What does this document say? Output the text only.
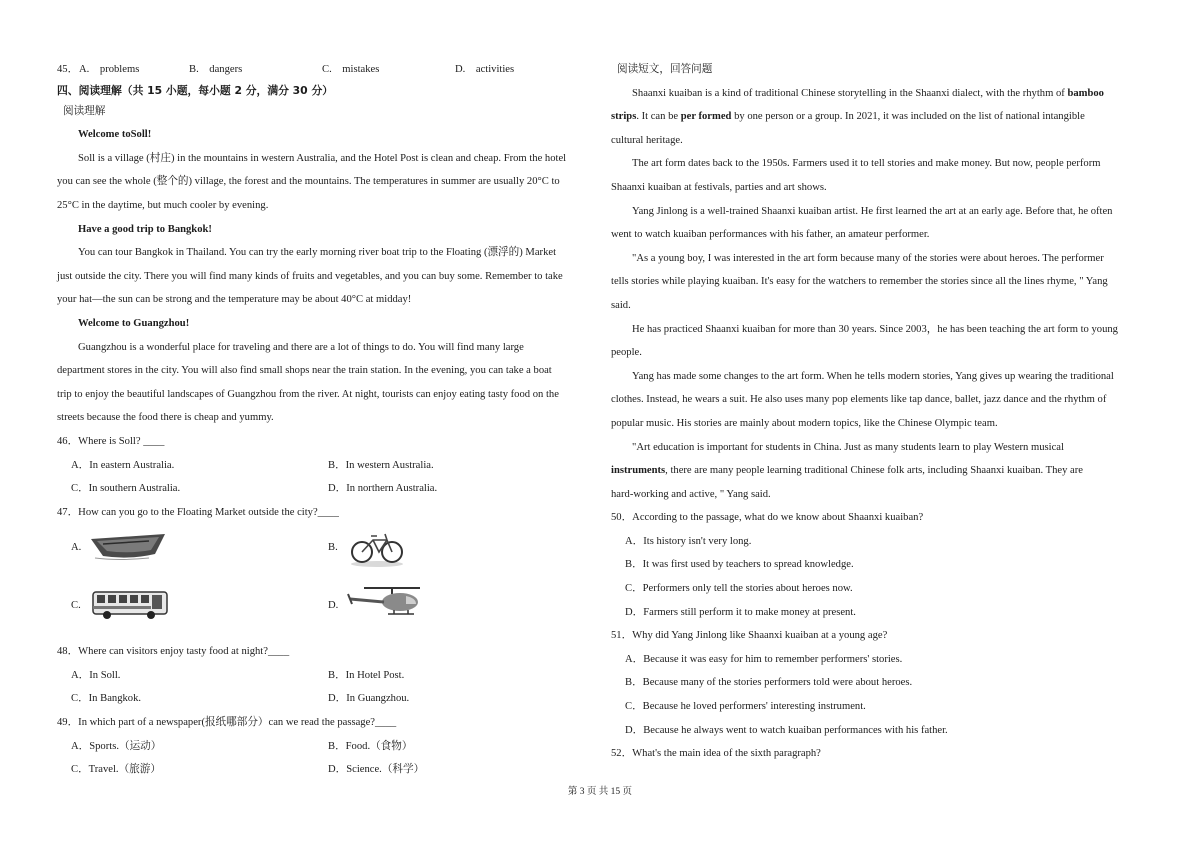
45． A.　problems	B.　dangers	C.　mistakes	D.　activities
四、阅读理解（共 15 小题，每小题 2 分，满分 30 分）
阅读理解
Welcome toSoll!
Soll is a village (村庄) in the mountains in western Australia, and the Hotel Post is clean and cheap. From the hotel
you can see the whole (整个的) village, the forest and the mountains. The temperatures in summer are usually 20°C to
25°C in the daytime, but much cooler by evening.
Have a good trip to Bangkok!
You can tour Bangkok in Thailand. You can try the early morning river boat trip to the Floating (漂浮的) Market
just outside the city. There you will find many kinds of fruits and vegetables, and you can buy some. Remember to take
your hat—the sun can be strong and the temperature may be about 40°C at midday!
Welcome to Guangzhou!
Guangzhou is a wonderful place for traveling and there are a lot of things to do. You will find many large
department stores in the city. You will also find small shops near the train station. In the evening, you can take a boat
trip to enjoy the beautiful landscapes of Guangzhou from the river. At night, tourists can enjoy eating tasty food on the
streets because the food there is cheap and yummy.
46．Where is Soll? ____
A．In eastern Australia.	B．In western Australia.
C．In southern Australia.	D．In northern Australia.
47．How can you go to the Floating Market outside the city?____
A.	B.
C.	D.
48．Where can visitors enjoy tasty food at night?____
A．In Soll.	B．In Hotel Post.
C．In Bangkok.	D．In Guangzhou.
49．In which part of a newspaper(报纸哪部分）can we read the passage?____
A．Sports.（运动）	B．Food.（食物）
C．Travel.（旅游）	D．Science.（科学）
阅读短文，回答问题
Shaanxi kuaiban is a kind of traditional Chinese storytelling in the Shaanxi dialect, with the rhythm of bamboo
strips. It can be per formed by one person or a group. In 2021, it was included on the list of national intangible
cultural heritage.
The art form dates back to the 1950s. Farmers used it to tell stories and make money. But now, people perform
Shaanxi kuaiban at festivals, parties and art shows.
Yang Jinlong is a well-trained Shaanxi kuaiban artist. He first learned the art at an early age. Before that, he often
went to watch kuaiban performances with his father, an amateur performer.
"As a young boy, I was interested in the art form because many of the stories were about heroes. The performer
tells stories while playing kuaiban. It's easy for the watchers to remember the stories since all the lines rhyme, " Yang
said.
He has practiced Shaanxi kuaiban for more than 30 years. Since 2003，he has been teaching the art form to young
people.
Yang has made some changes to the art form. When he tells modern stories, Yang gives up wearing the traditional
clothes. Instead, he wears a suit. He also uses many pop elements like tap dance, ballet, jazz dance and the rhythm of
popular music. His stories are mainly about modern topics, like the Chinese Olympic team.
"Art education is important for students in China. Just as many students learn to play Western musical
instruments, there are many people learning traditional Chinese folk arts, including Shaanxi kuaiban. They are
hard-working and active, " Yang said.
50．According to the passage, what do we know about Shaanxi kuaiban?
A．Its history isn't very long.
B．It was first used by teachers to spread knowledge.
C．Performers only tell the stories about heroes now.
D．Farmers still perform it to make money at present.
51．Why did Yang Jinlong like Shaanxi kuaiban at a young age?
A．Because it was easy for him to remember performers' stories.
B．Because many of the stories performers told were about heroes.
C．Because he loved performers' interesting instrument.
D．Because he always went to watch kuaiban performances with his father.
52．What's the main idea of the sixth paragraph?
第 3 页 共 15 页
